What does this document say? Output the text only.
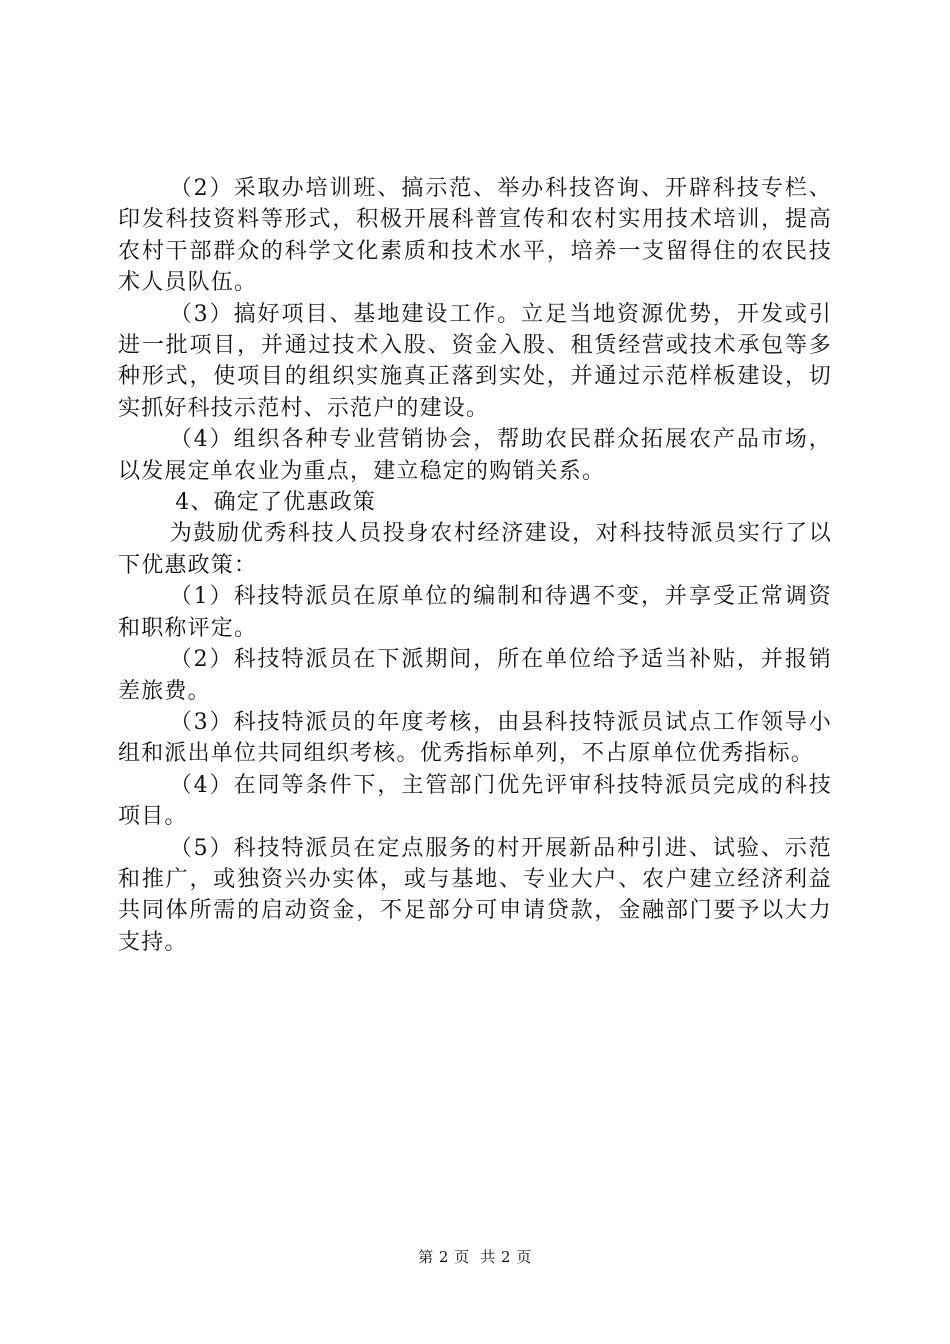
（2）采取办培训班、搞示范、举办科技咨询、开辟科技专栏、印发科技资料等形式，积极开展科普宣传和农村实用技术培训，提高农村干部群众的科学文化素质和技术水平，培养一支留得住的农民技术人员队伍。

（3）搞好项目、基地建设工作。立足当地资源优势，开发或引进一批项目，并通过技术入股、资金入股、租赁经营或技术承包等多种形式，使项目的组织实施真正落到实处，并通过示范样板建设，切实抓好科技示范村、示范户的建设。

（4）组织各种专业营销协会，帮助农民群众拓展农产品市场，以发展定单农业为重点，建立稳定的购销关系。

4、确定了优惠政策

为鼓励优秀科技人员投身农村经济建设，对科技特派员实行了以下优惠政策：

（1）科技特派员在原单位的编制和待遇不变，并享受正常调资和职称评定。

（2）科技特派员在下派期间，所在单位给予适当补贴，并报销差旅费。

（3）科技特派员的年度考核，由县科技特派员试点工作领导小组和派出单位共同组织考核。优秀指标单列，不占原单位优秀指标。

（4）在同等条件下，主管部门优先评审科技特派员完成的科技项目。

（5）科技特派员在定点服务的村开展新品种引进、试验、示范和推广，或独资兴办实体，或与基地、专业大户、农户建立经济利益共同体所需的启动资金，不足部分可申请贷款，金融部门要予以大力支持。

第 2 页  共 2 页
